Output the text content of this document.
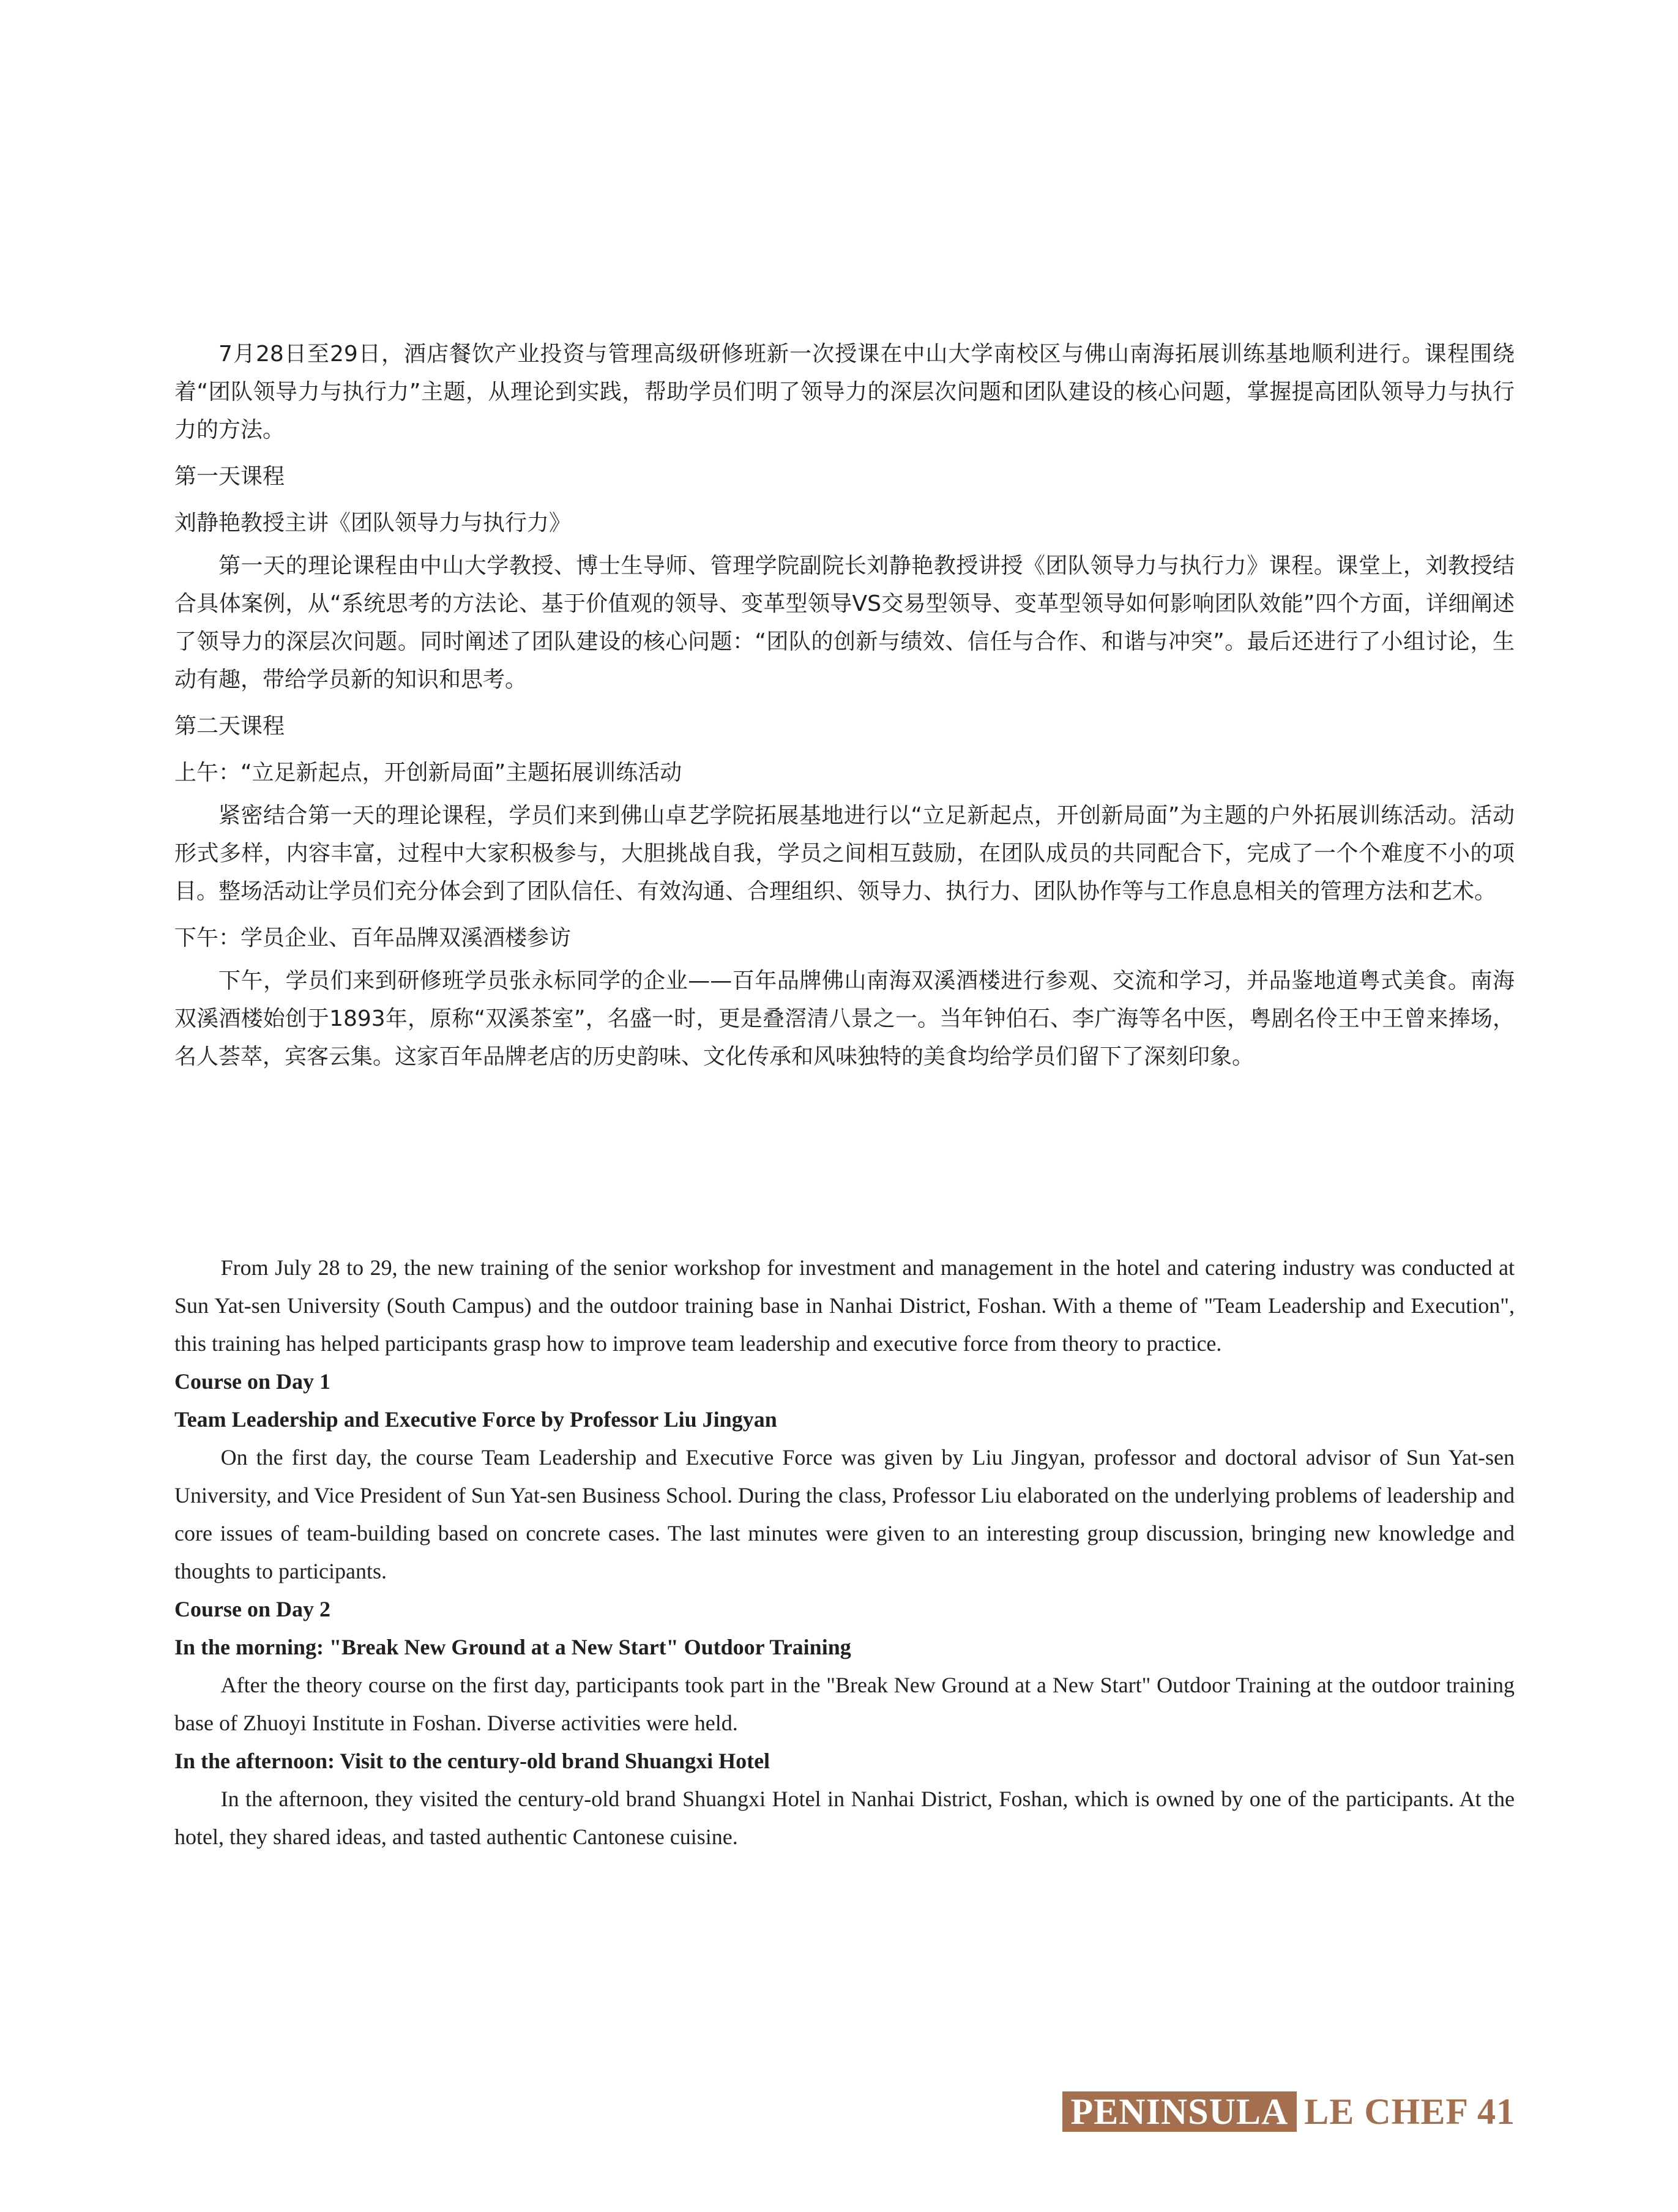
7月28日至29日，酒店餐饮产业投资与管理高级研修班新一次授课在中山大学南校区与佛山南海拓展训练基地顺利进行。课程围绕着“团队领导力与执行力”主题，从理论到实践，帮助学员们明了领导力的深层次问题和团队建设的核心问题，掌握提高团队领导力与执行力的方法。

第一天课程
刘静艳教授主讲《团队领导力与执行力》

第一天的理论课程由中山大学教授、博士生导师、管理学院副院长刘静艳教授讲授《团队领导力与执行力》课程。课堂上，刘教授结合具体案例，从“系统思考的方法论、基于价值观的领导、变革型领导VS交易型领导、变革型领导如何影响团队效能”四个方面，详细阐述了领导力的深层次问题。同时阐述了团队建设的核心问题：“团队的创新与绩效、信任与合作、和谐与冲突”。最后还进行了小组讨论，生动有趣，带给学员新的知识和思考。

第二天课程
上午：“立足新起点，开创新局面”主题拓展训练活动

紧密结合第一天的理论课程，学员们来到佛山卓艺学院拓展基地进行以“立足新起点，开创新局面”为主题的户外拓展训练活动。活动形式多样，内容丰富，过程中大家积极参与，大胆挑战自我，学员之间相互鼓励，在团队成员的共同配合下，完成了一个个难度不小的项目。整场活动让学员们充分体会到了团队信任、有效沟通、合理组织、领导力、执行力、团队协作等与工作息息相关的管理方法和艺术。

下午：学员企业、百年品牌双溪酒楼参访

下午，学员们来到研修班学员张永标同学的企业——百年品牌佛山南海双溪酒楼进行参观、交流和学习，并品鉴地道粤式美食。南海双溪酒楼始创于1893年，原称“双溪茶室”，名盛一时，更是叠滘清八景之一。当年钟伯石、李广海等名中医，粤剧名伶王中王曾来捧场，名人荟萃，宾客云集。这家百年品牌老店的历史韵味、文化传承和风味独特的美食均给学员们留下了深刻印象。

From July 28 to 29, the new training of the senior workshop for investment and management in the hotel and catering industry was conducted at Sun Yat-sen University (South Campus) and the outdoor training base in Nanhai District, Foshan. With a theme of "Team Leadership and Execution", this training has helped participants grasp how to improve team leadership and executive force from theory to practice.

Course on Day 1
Team Leadership and Executive Force by Professor Liu Jingyan

On the first day, the course Team Leadership and Executive Force was given by Liu Jingyan, professor and doctoral advisor of Sun Yat-sen University, and Vice President of Sun Yat-sen Business School. During the class, Professor Liu elaborated on the underlying problems of leadership and core issues of team-building based on concrete cases. The last minutes were given to an interesting group discussion, bringing new knowledge and thoughts to participants.

Course on Day 2
In the morning: "Break New Ground at a New Start" Outdoor Training

After the theory course on the first day, participants took part in the "Break New Ground at a New Start" Outdoor Training at the outdoor training base of Zhuoyi Institute in Foshan. Diverse activities were held.

In the afternoon: Visit to the century-old brand Shuangxi Hotel

In the afternoon, they visited the century-old brand Shuangxi Hotel in Nanhai District, Foshan, which is owned by one of the participants. At the hotel, they shared ideas, and tasted authentic Cantonese cuisine.

PENINSULA LE CHEF 41
